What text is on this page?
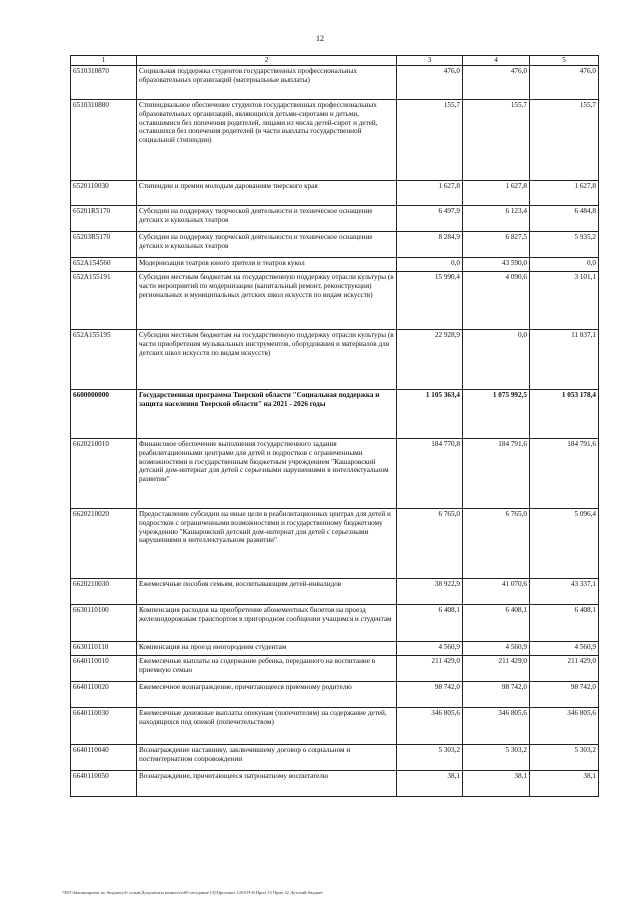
12
1	2	3	4	5
6510310870	Социальная поддержка студентов государственных профессиональных образовательных организаций (материальные выплаты)	476,0	476,0	476,0
6510310880	Стипендиальное обеспечение студентов государственных профессиональных образовательных организаций, являющихся детьми-сиротами и детьми, оставшимися без попечения родителей, лицами из числа детей-сирот и детей, оставшихся без попечения родителей (в части выплаты государственной социальной стипендии)	155,7	155,7	155,7
6520110030	Стипендии и премии молодым дарованиям тверского края	1 627,8	1 627,8	1 627,8
65201R5170	Субсидии на поддержку творческой деятельности и техническое оснащение детских и кукольных театров	6 497,9	6 123,4	6 484,8
65203R5170	Субсидии на поддержку творческой деятельности и техническое оснащение детских и кукольных театров	8 284,9	6 827,5	5 935,2
652A154560	Модернизация театров юного зрителя и театров кукол	0,0	43 590,0	0,0
652A155191	Субсидии местным бюджетам на государственную поддержку отрасли культуры (в части мероприятий по модернизации (капитальный ремонт, реконструкция) региональных и муниципальных детских школ искусств по видам искусств)	15 990,4	4 090,6	3 101,1
652A155195	Субсидии местным бюджетам на государственную поддержку отрасли культуры (в части приобретения музыкальных инструментов, оборудования и материалов для детских школ искусств по видам искусств)	22 928,9	0,0	11 837,1
6600000000	Государственная программа Тверской области "Социальная поддержка и защита населения Тверской области" на 2021 - 2026 годы	1 105 363,4	1 075 992,5	1 053 178,4
6620210010	Финансовое обеспечение выполнения государственного задания реабилитационными центрами для детей и подростков с ограниченными возможностями и государственным бюджетным учреждением "Кашаровский детский дом-интернат для детей с серьезными нарушениями в интеллектуальном развитии"	184 770,8	184 791,6	184 791,6
6620210020	Предоставление субсидии на иные цели в реабилитационных центрах для детей и подростков с ограниченными возможностями и государственному бюджетному учреждению "Кашаровский детский дом-интернат для детей с серьезными нарушениями в интеллектуальном развитии"	6 765,0	6 765,0	5 096,4
6620210030	Ежемесячные пособия семьям, воспитывающим детей-инвалидов	38 922,9	41 070,6	43 337,1
6630110100	Компенсация расходов на приобретение абонементных билетов на проезд железнодорожным транспортом в пригородном сообщении учащимся и студентам	6 408,1	6 408,1	6 408,1
6630110110	Компенсация на проезд иногородним студентам	4 560,9	4 560,9	4 560,9
6640110010	Ежемесячные выплаты на содержание ребенка, переданного на воспитание в приемную семью	211 429,0	211 429,0	211 429,0
6640110020	Ежемесячное вознаграждение, причитающееся приемному родителю	98 742,0	98 742,0	98 742,0
6640110030	Ежемесячные денежные выплаты опекунам (попечителям) на содержание детей, находящихся под опекой (попечительством)	346 805,6	346 805,6	346 805,6
6640110040	Вознаграждение наставнику, заключившему договор о социальном и постинтернатном сопровождении	5 303,2	5 303,2	5 303,2
6640110050	Вознаграждение, причитающееся патронатному воспитателю	38,1	38,1	38,1
\\F01\Законопроект по бюджету\6 созыв\Документы комитета\69 заседание (3)\Протокол 1254-П-6\Прил 13 Прил 32 Детский бюджет
